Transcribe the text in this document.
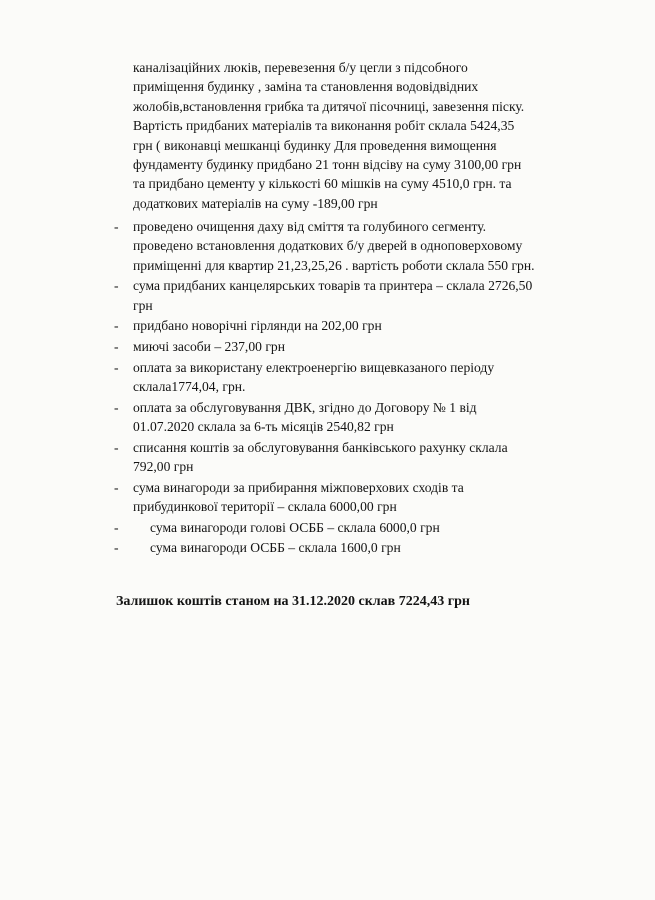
каналізаційних люків, перевезення б/у цегли з підсобного
приміщення будинку , заміна та становлення водовідвідних
жолобів,встановлення грибка та дитячої пісочниці, завезення піску.
Вартість придбаних матеріалів та виконання робіт склала 5424,35
грн ( виконавці мешканці будинку Для проведення вимощення
фундаменту будинку придбано 21 тонн відсіву на суму 3100,00 грн
та придбано цементу у кількості 60 мішків на суму 4510,0 грн. та
додаткових матеріалів на суму -189,00 грн
- проведено очищення даху від сміття та голубиного сегменту.
проведено встановлення додаткових б/у дверей в одноповерховому
приміщенні для квартир 21,23,25,26 . вартість роботи склала 550 грн.
- сума придбаних канцелярських товарів та принтера – склала 2726,50
грн
- придбано новорічні гірлянди на 202,00 грн
- миючі засоби – 237,00 грн
- оплата за використану електроенергію вищевказаного періоду
склала1774,04, грн.
- оплата за обслуговування ДВК, згідно до Договору № 1 від
01.07.2020 склала за 6-ть місяців 2540,82 грн
- списання коштів за обслуговування банківського рахунку склала
792,00 грн
- сума винагороди за прибирання міжповерхових сходів та
прибудинкової території – склала 6000,00 грн
- сума винагороди голові ОСББ – склала 6000,0 грн
- сума винагороди ОСББ – склала 1600,0 грн
Залишок коштів станом на 31.12.2020 склав 7224,43 грн
